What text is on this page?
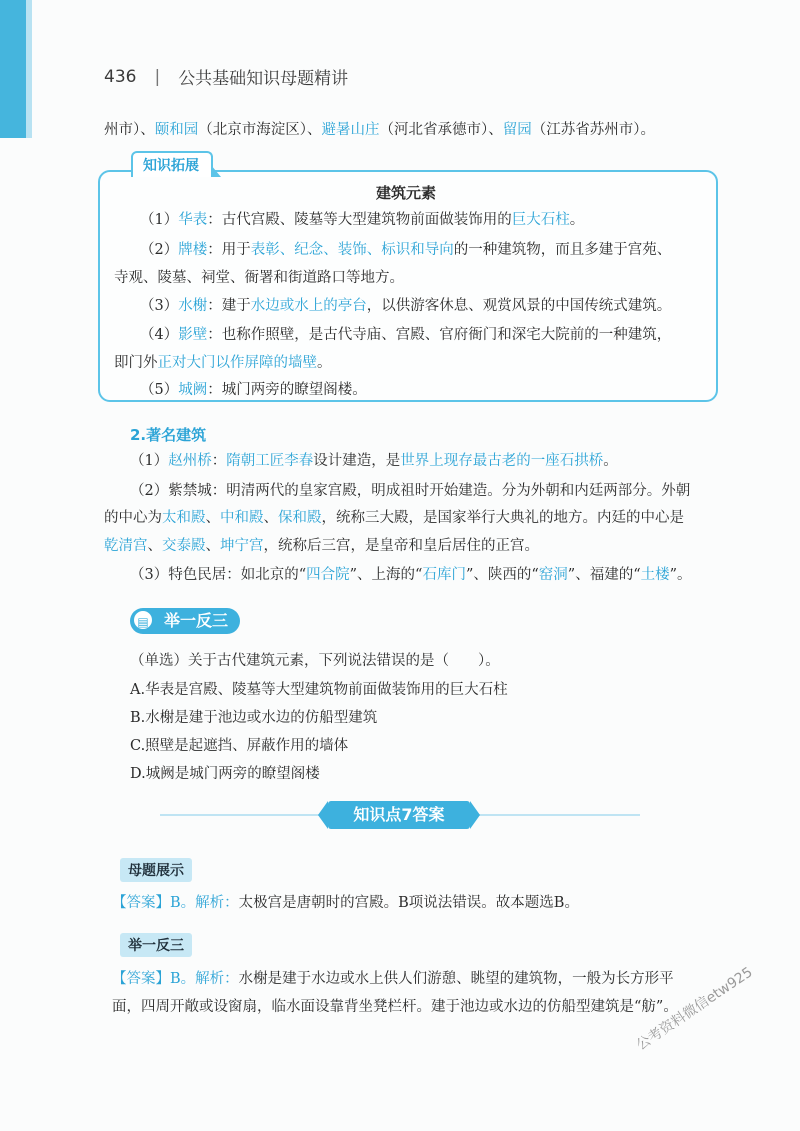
436 | 公共基础知识母题精讲
州市）、颐和园（北京市海淀区）、避暑山庄（河北省承德市）、留园（江苏省苏州市）。
知识拓展
建筑元素
（1）华表：古代宫殿、陵墓等大型建筑物前面做装饰用的巨大石柱。
（2）牌楼：用于表彰、纪念、装饰、标识和导向的一种建筑物，而且多建于宫苑、
寺观、陵墓、祠堂、衙署和街道路口等地方。
（3）水榭：建于水边或水上的亭台，以供游客休息、观赏风景的中国传统式建筑。
（4）影壁：也称作照壁，是古代寺庙、宫殿、官府衙门和深宅大院前的一种建筑，
即门外正对大门以作屏障的墙壁。
（5）城阙：城门两旁的瞭望阁楼。
2.著名建筑
（1）赵州桥：隋朝工匠李春设计建造，是世界上现存最古老的一座石拱桥。
（2）紫禁城：明清两代的皇家宫殿，明成祖时开始建造。分为外朝和内廷两部分。外朝
的中心为太和殿、中和殿、保和殿，统称三大殿，是国家举行大典礼的地方。内廷的中心是
乾清宫、交泰殿、坤宁宫，统称后三宫，是皇帝和皇后居住的正宫。
（3）特色民居：如北京的“四合院”、上海的“石库门”、陕西的“窑洞”、福建的“土楼”。
举一反三
▤
（单选）关于古代建筑元素，下列说法错误的是（　　）。
A.华表是宫殿、陵墓等大型建筑物前面做装饰用的巨大石柱
B.水榭是建于池边或水边的仿船型建筑
C.照壁是起遮挡、屏蔽作用的墙体
D.城阙是城门两旁的瞭望阁楼
知识点7答案
母题展示
【答案】B。解析：太极宫是唐朝时的宫殿。B项说法错误。故本题选B。
举一反三
【答案】B。解析：水榭是建于水边或水上供人们游憩、眺望的建筑物，一般为长方形平
面，四周开敞或设窗扇，临水面设靠背坐凳栏杆。建于池边或水边的仿船型建筑是“舫”。
公考资料微信etw925
